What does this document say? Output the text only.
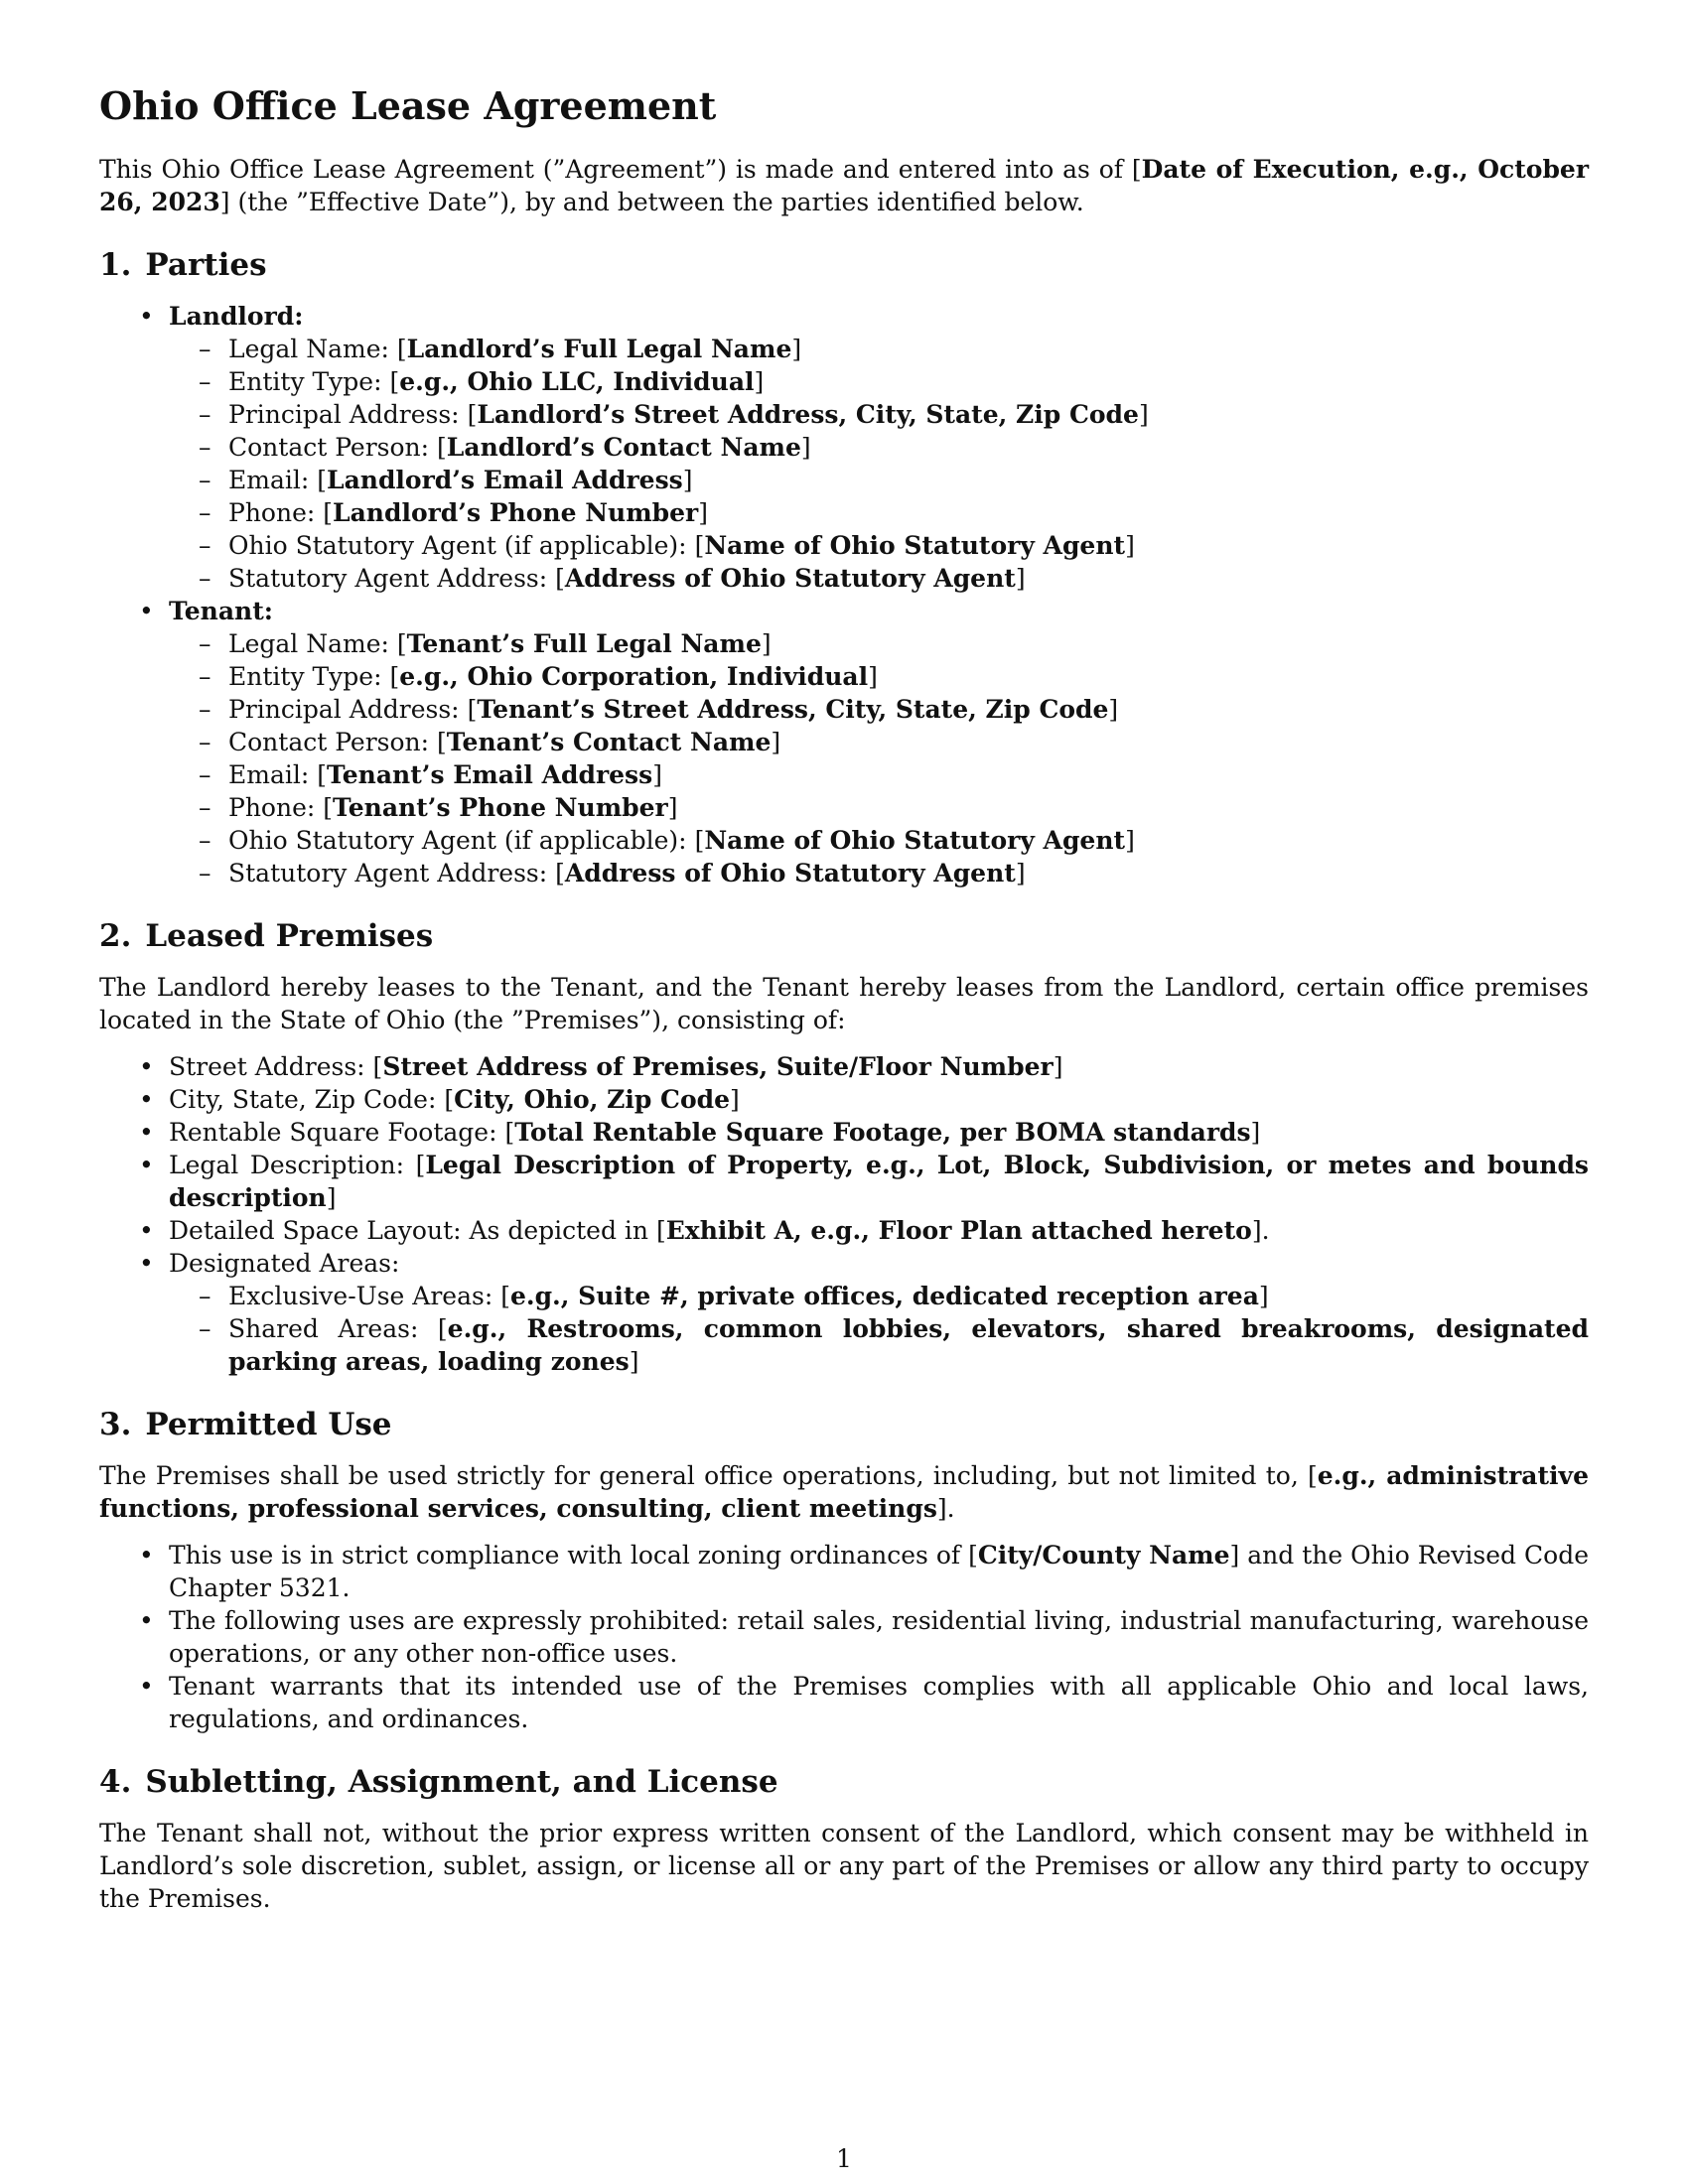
Ohio Office Lease Agreement

This Ohio Office Lease Agreement (”Agreement”) is made and entered into as of [Date of Execution, e.g., October 26, 2023] (the ”Effective Date”), by and between the parties identified below.

1. Parties
• Landlord:
– Legal Name: [Landlord’s Full Legal Name]
– Entity Type: [e.g., Ohio LLC, Individual]
– Principal Address: [Landlord’s Street Address, City, State, Zip Code]
– Contact Person: [Landlord’s Contact Name]
– Email: [Landlord’s Email Address]
– Phone: [Landlord’s Phone Number]
– Ohio Statutory Agent (if applicable): [Name of Ohio Statutory Agent]
– Statutory Agent Address: [Address of Ohio Statutory Agent]
• Tenant:
– Legal Name: [Tenant’s Full Legal Name]
– Entity Type: [e.g., Ohio Corporation, Individual]
– Principal Address: [Tenant’s Street Address, City, State, Zip Code]
– Contact Person: [Tenant’s Contact Name]
– Email: [Tenant’s Email Address]
– Phone: [Tenant’s Phone Number]
– Ohio Statutory Agent (if applicable): [Name of Ohio Statutory Agent]
– Statutory Agent Address: [Address of Ohio Statutory Agent]
2. Leased Premises

The Landlord hereby leases to the Tenant, and the Tenant hereby leases from the Landlord, certain office premises located in the State of Ohio (the ”Premises”), consisting of:

• Street Address: [Street Address of Premises, Suite/Floor Number]
• City, State, Zip Code: [City, Ohio, Zip Code]
• Rentable Square Footage: [Total Rentable Square Footage, per BOMA standards]
• Legal Description: [Legal Description of Property, e.g., Lot, Block, Subdivision, or metes and bounds description]
• Detailed Space Layout: As depicted in [Exhibit A, e.g., Floor Plan attached hereto].
• Designated Areas:
– Exclusive-Use Areas: [e.g., Suite #, private offices, dedicated reception area]
– Shared Areas: [e.g., Restrooms, common lobbies, elevators, shared breakrooms, designated parking areas, loading zones]
3. Permitted Use

The Premises shall be used strictly for general office operations, including, but not limited to, [e.g., administrative functions, professional services, consulting, client meetings].

• This use is in strict compliance with local zoning ordinances of [City/County Name] and the Ohio Revised Code Chapter 5321.
• The following uses are expressly prohibited: retail sales, residential living, industrial manufacturing, warehouse operations, or any other non-office uses.
• Tenant warrants that its intended use of the Premises complies with all applicable Ohio and local laws, regulations, and ordinances.
4. Subletting, Assignment, and License

The Tenant shall not, without the prior express written consent of the Landlord, which consent may be withheld in Landlord’s sole discretion, sublet, assign, or license all or any part of the Premises or allow any third party to occupy the Premises.

1
